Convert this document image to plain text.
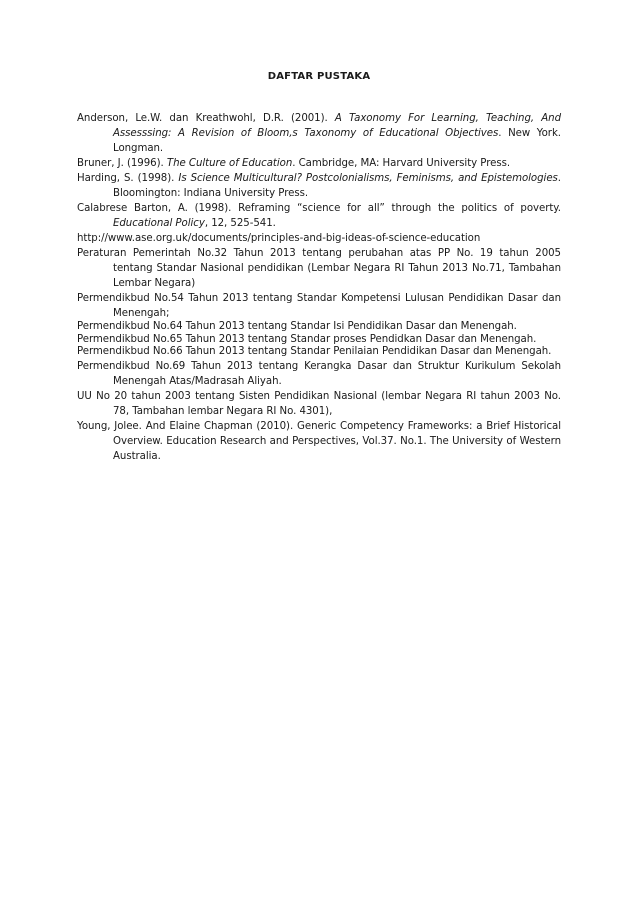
DAFTAR PUSTAKA

Anderson, Le.W. dan Kreathwohl, D.R. (2001). A Taxonomy For Learning, Teaching, And Assesssing: A Revision of Bloom,s Taxonomy of Educational Objectives. New York. Longman.

Bruner, J. (1996). The Culture of Education. Cambridge, MA: Harvard University Press.

Harding, S. (1998). Is Science Multicultural? Postcolonialisms, Feminisms, and Epistemologies. Bloomington: Indiana University Press.

Calabrese Barton, A. (1998). Reframing “science for all” through the politics of poverty. Educational Policy, 12, 525-541.

http://www.ase.org.uk/documents/principles-and-big-ideas-of-science-education

Peraturan Pemerintah No.32 Tahun 2013 tentang perubahan atas PP No. 19 tahun 2005 tentang Standar Nasional pendidikan (Lembar Negara RI Tahun 2013 No.71, Tambahan Lembar Negara)

Permendikbud No.54 Tahun 2013 tentang Standar Kompetensi Lulusan Pendidikan Dasar dan Menengah;

Permendikbud No.64 Tahun 2013 tentang Standar Isi Pendidikan Dasar dan Menengah.

Permendikbud No.65 Tahun 2013 tentang Standar proses Pendidkan Dasar dan Menengah.

Permendikbud No.66 Tahun 2013 tentang Standar Penilaian Pendidikan Dasar dan Menengah.

Permendikbud No.69 Tahun 2013 tentang Kerangka Dasar dan Struktur Kurikulum Sekolah Menengah Atas/Madrasah Aliyah.

UU No 20 tahun 2003 tentang Sisten Pendidikan Nasional (lembar Negara RI tahun 2003 No. 78, Tambahan lembar Negara RI No. 4301),

Young, Jolee. And Elaine Chapman (2010). Generic Competency Frameworks: a Brief Historical Overview. Education Research and Perspectives, Vol.37. No.1. The University of Western Australia.
